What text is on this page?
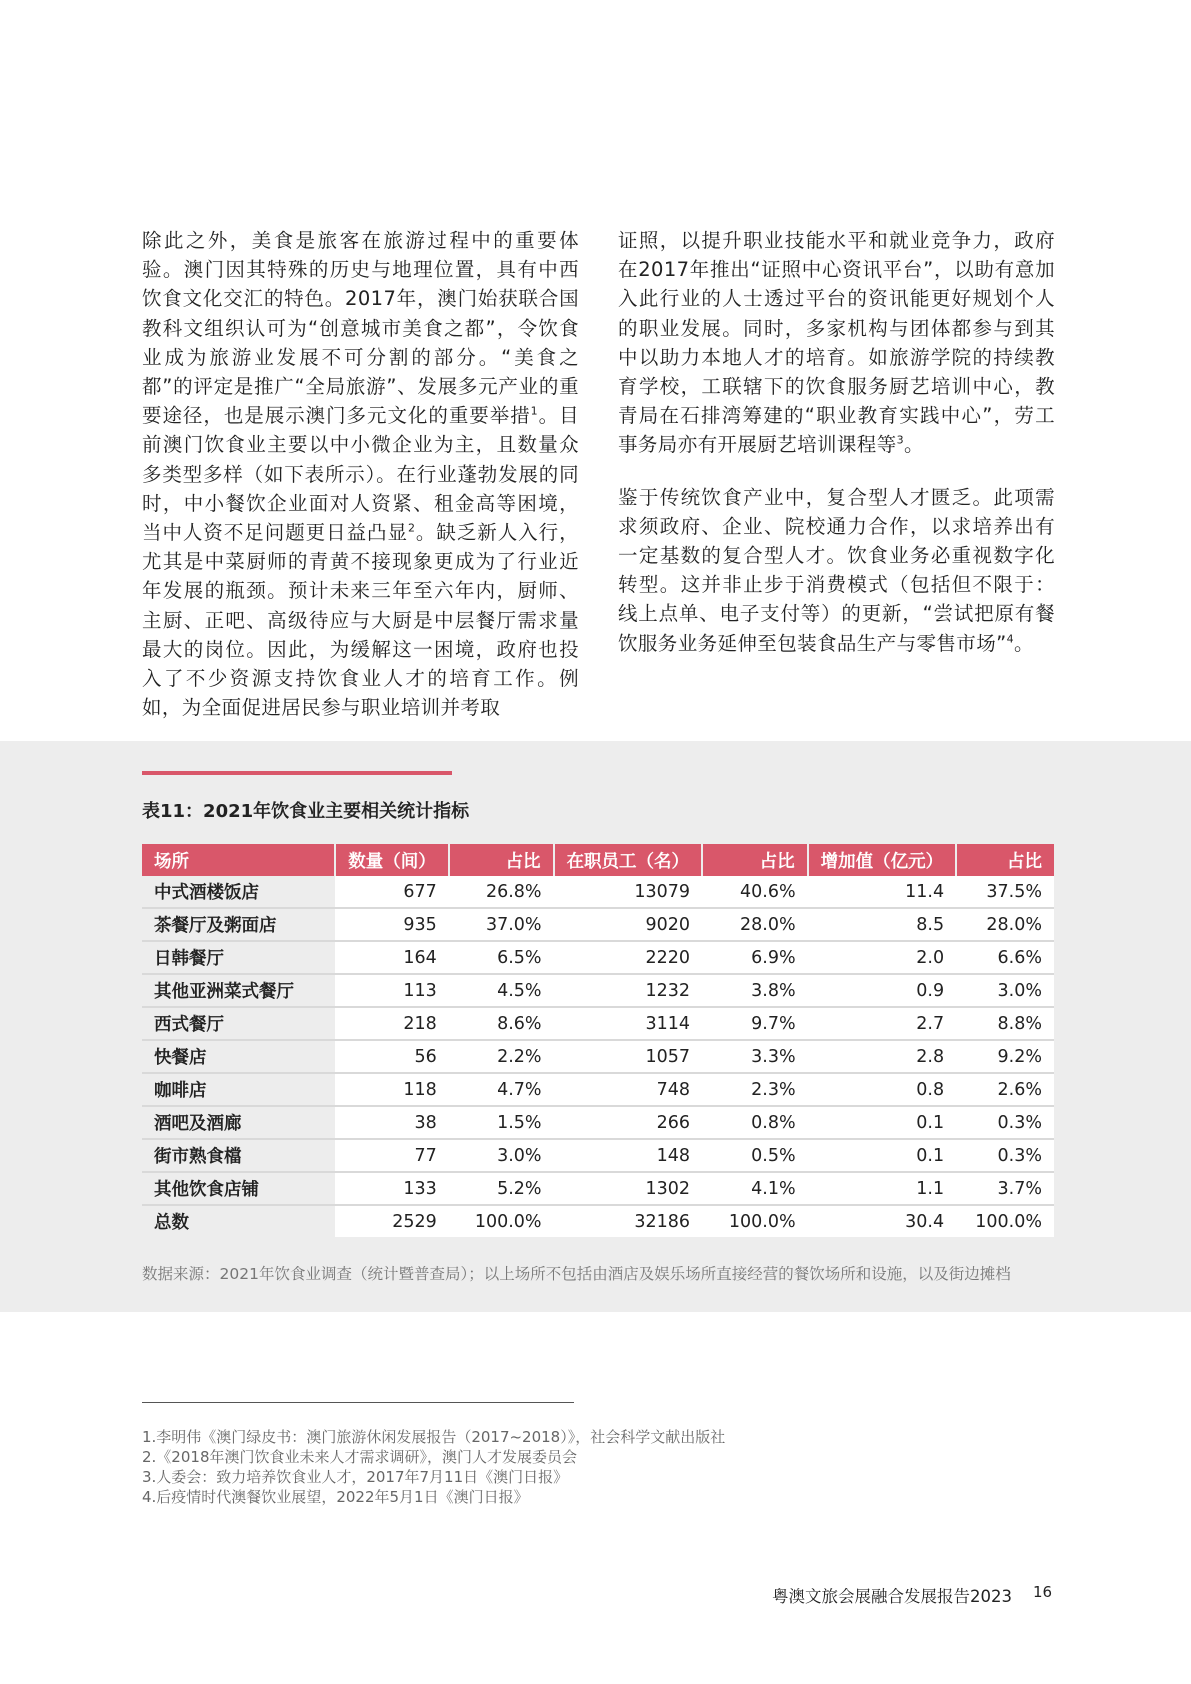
除此之外，美食是旅客在旅游过程中的重要体验。澳门因其特殊的历史与地理位置，具有中西饮食文化交汇的特色。2017年，澳门始获联合国教科文组织认可为“创意城市美食之都”，令饮食业成为旅游业发展不可分割的部分。“美食之都”的评定是推广“全局旅游”、发展多元产业的重要途径，也是展示澳门多元文化的重要举措$^1$。目前澳门饮食业主要以中小微企业为主，且数量众多类型多样（如下表所示）。在行业蓬勃发展的同时，中小餐饮企业面对人资紧、租金高等困境，当中人资不足问题更日益凸显$^2$。缺乏新人入行，尤其是中菜厨师的青黄不接现象更成为了行业近年发展的瓶颈。预计未来三年至六年内，厨师、主厨、正吧、高级待应与大厨是中层餐厅需求量最大的岗位。因此，为缓解这一困境，政府也投入了不少资源支持饮食业人才的培育工作。例如，为全面促进居民参与职业培训并考取

证照，以提升职业技能水平和就业竞争力，政府在2017年推出“证照中心资讯平台”，以助有意加入此行业的人士透过平台的资讯能更好规划个人的职业发展。同时，多家机构与团体都参与到其中以助力本地人才的培育。如旅游学院的持续教育学校，工联辖下的饮食服务厨艺培训中心，教青局在石排湾筹建的“职业教育实践中心”，劳工事务局亦有开展厨艺培训课程等$^3$。

鉴于传统饮食产业中，复合型人才匮乏。此项需求须政府、企业、院校通力合作，以求培养出有一定基数的复合型人才。饮食业务必重视数字化转型。这并非止步于消费模式（包括但不限于：线上点单、电子支付等）的更新，“尝试把原有餐饮服务业务延伸至包装食品生产与零售市场”$^4$。

表11：2021年饮食业主要相关统计指标
场所	数量（间）	占比	在职员工（名）	占比	增加值（亿元）	占比
中式酒楼饭店	677	26.8%	13079	40.6%	11.4	37.5%
茶餐厅及粥面店	935	37.0%	9020	28.0%	8.5	28.0%
日韩餐厅	164	6.5%	2220	6.9%	2.0	6.6%
其他亚洲菜式餐厅	113	4.5%	1232	3.8%	0.9	3.0%
西式餐厅	218	8.6%	3114	9.7%	2.7	8.8%
快餐店	56	2.2%	1057	3.3%	2.8	9.2%
咖啡店	118	4.7%	748	2.3%	0.8	2.6%
酒吧及酒廊	38	1.5%	266	0.8%	0.1	0.3%
街市熟食檔	77	3.0%	148	0.5%	0.1	0.3%
其他饮食店铺	133	5.2%	1302	4.1%	1.1	3.7%
总数	2529	100.0%	32186	100.0%	30.4	100.0%
数据来源：2021年饮食业调查（统计暨普查局）；以上场所不包括由酒店及娱乐场所直接经营的餐饮场所和设施，以及街边摊档
1.李明伟《澳门绿皮书：澳门旅游休闲发展报告（2017~2018）》，社会科学文献出版社
2.《2018年澳门饮食业未来人才需求调研》，澳门人才发展委员会
3.人委会：致力培养饮食业人才，2017年7月11日《澳门日报》
4.后疫情时代澳餐饮业展望，2022年5月1日《澳门日报》
粤澳文旅会展融合发展报告2023 16
